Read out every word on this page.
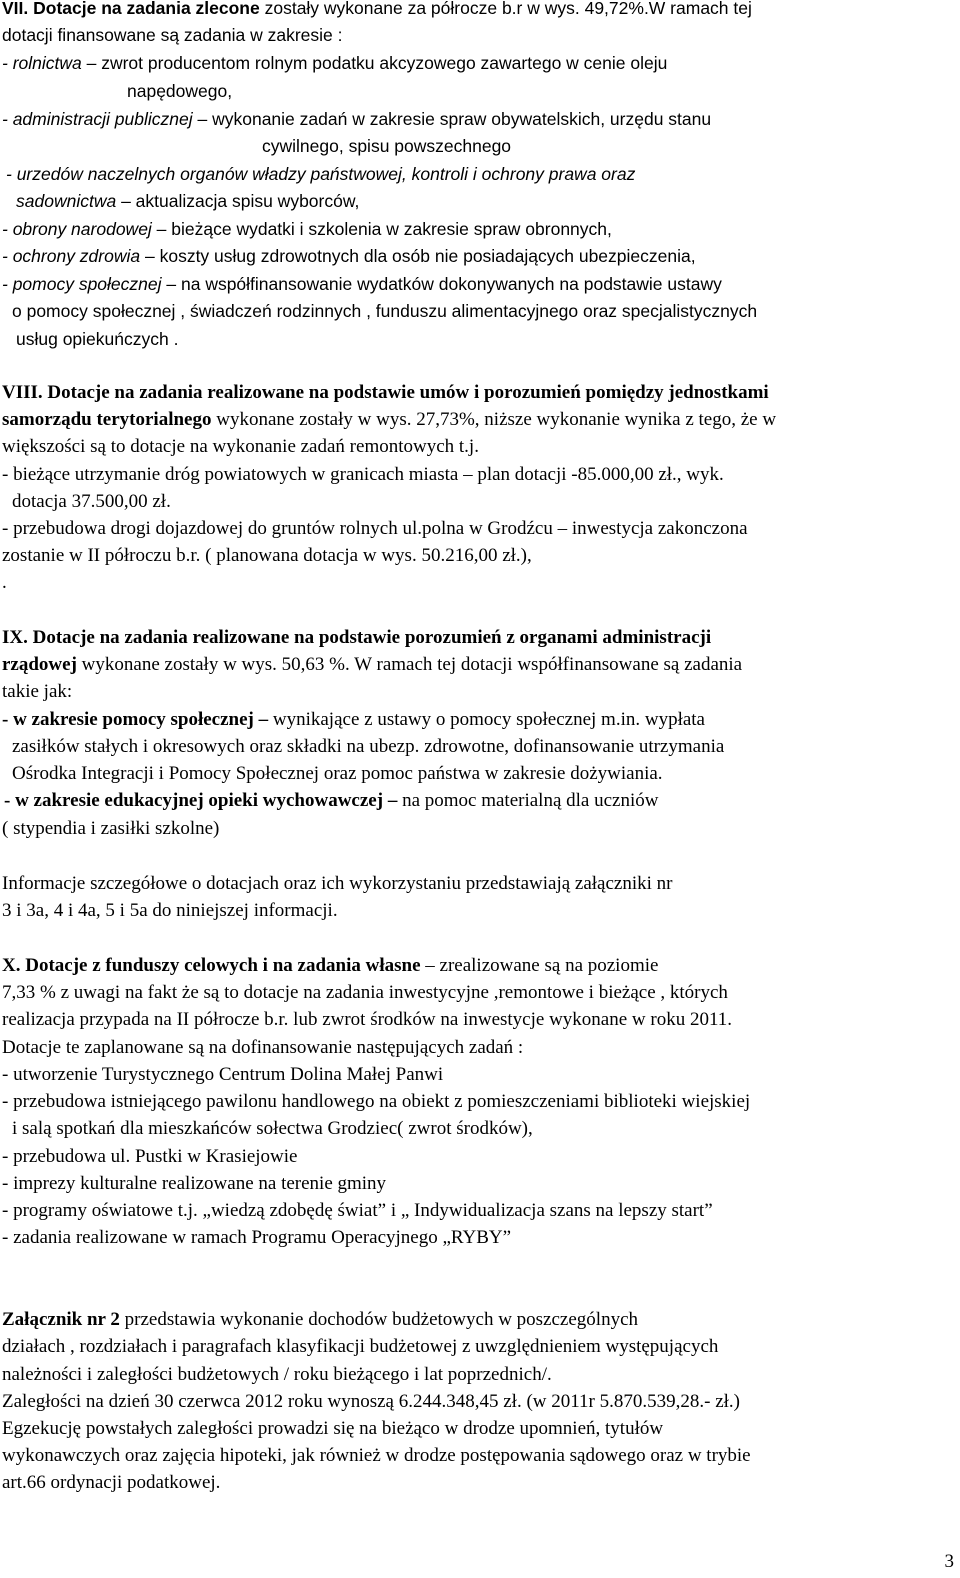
VII. Dotacje na zadania zlecone zostały wykonane za półrocze b.r w wys. 49,72%.W ramach tej
dotacji finansowane są zadania w zakresie :
- rolnictwa – zwrot producentom rolnym podatku akcyzowego zawartego w cenie oleju
napędowego,
- administracji publicznej – wykonanie zadań w zakresie spraw obywatelskich, urzędu stanu
cywilnego, spisu powszechnego
- urzedów naczelnych organów władzy państwowej, kontroli i ochrony prawa oraz
sadownictwa – aktualizacja spisu wyborców,
- obrony narodowej – bieżące wydatki i szkolenia w zakresie spraw obronnych,
- ochrony zdrowia – koszty usług zdrowotnych dla osób nie posiadających ubezpieczenia,
- pomocy społecznej – na współfinansowanie wydatków dokonywanych na podstawie ustawy
o pomocy społecznej , świadczeń rodzinnych , funduszu alimentacyjnego oraz specjalistycznych
usług opiekuńczych .
VIII. Dotacje na zadania realizowane na podstawie umów i porozumień pomiędzy jednostkami
samorządu terytorialnego wykonane zostały w wys. 27,73%, niższe wykonanie wynika z tego, że w
większości są to dotacje na wykonanie zadań remontowych t.j.
- bieżące utrzymanie dróg powiatowych w granicach miasta – plan dotacji -85.000,00 zł., wyk.
dotacja 37.500,00 zł.
- przebudowa drogi dojazdowej do gruntów rolnych ul.polna w Grodźcu – inwestycja zakonczona
zostanie w II półroczu b.r. ( planowana dotacja w wys. 50.216,00 zł.),
.
IX. Dotacje na zadania realizowane na podstawie porozumień z organami administracji
rządowej wykonane zostały w wys. 50,63 %. W ramach tej dotacji współfinansowane są zadania
takie jak:
- w zakresie pomocy społecznej – wynikające z ustawy o pomocy społecznej m.in. wypłata
zasiłków stałych i okresowych oraz składki na ubezp. zdrowotne, dofinansowanie utrzymania
Ośrodka Integracji i Pomocy Społecznej oraz pomoc państwa w zakresie dożywiania.
- w zakresie edukacyjnej opieki wychowawczej – na pomoc materialną dla uczniów
( stypendia i zasiłki szkolne)
Informacje szczegółowe o dotacjach oraz ich wykorzystaniu przedstawiają załączniki nr
3 i 3a, 4 i 4a, 5 i 5a do niniejszej informacji.
X. Dotacje z funduszy celowych i na zadania własne – zrealizowane są na poziomie
7,33 % z uwagi na fakt że są to dotacje na zadania inwestycyjne ,remontowe i bieżące , których
realizacja przypada na II półrocze b.r. lub zwrot środków na inwestycje wykonane w roku 2011.
Dotacje te zaplanowane są na dofinansowanie następujących zadań :
- utworzenie Turystycznego Centrum Dolina Małej Panwi
- przebudowa istniejącego pawilonu handlowego na obiekt z pomieszczeniami biblioteki wiejskiej
i salą spotkań dla mieszkańców sołectwa Grodziec( zwrot środków),
- przebudowa ul. Pustki w Krasiejowie
- imprezy kulturalne realizowane na terenie gminy
- programy oświatowe t.j. „wiedzą zdobędę świat” i „ Indywidualizacja szans na lepszy start”
- zadania realizowane w ramach Programu Operacyjnego „RYBY”
Załącznik nr 2 przedstawia wykonanie dochodów budżetowych w poszczególnych
działach , rozdziałach i paragrafach klasyfikacji budżetowej z uwzględnieniem występujących
należności i zaległości budżetowych / roku bieżącego i lat poprzednich/.
Zaległości na dzień 30 czerwca 2012 roku wynoszą 6.244.348,45 zł. (w 2011r 5.870.539,28.- zł.)
Egzekucję powstałych zaległości prowadzi się na bieżąco w drodze upomnień, tytułów
wykonawczych oraz zajęcia hipoteki, jak również w drodze postępowania sądowego oraz w trybie
art.66 ordynacji podatkowej.
3
